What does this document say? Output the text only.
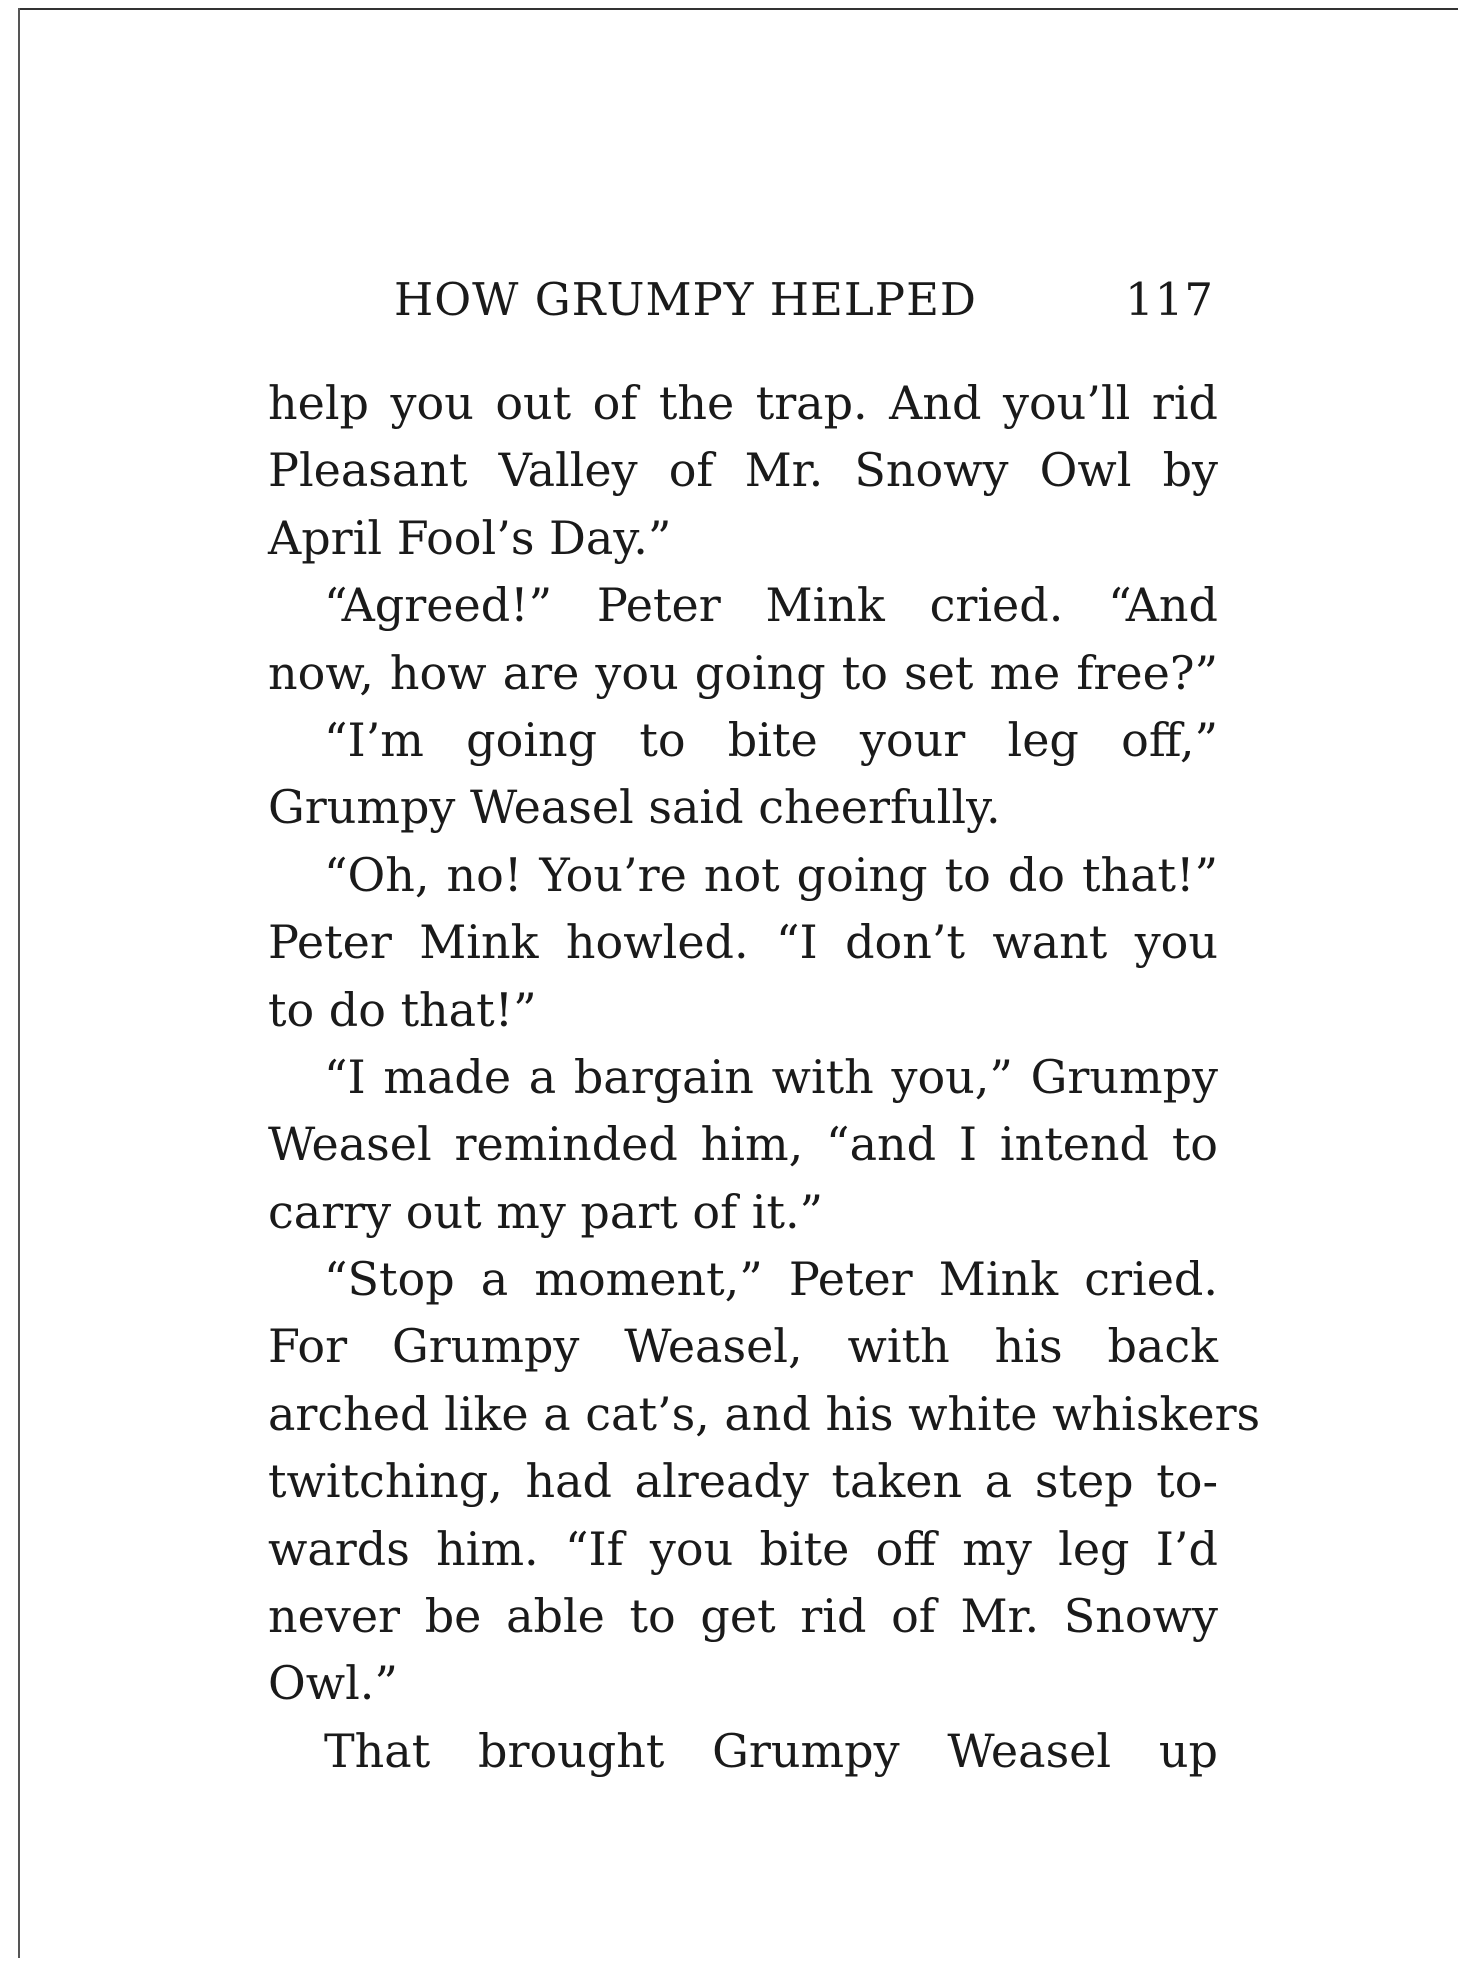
HOW GRUMPY HELPED	117
help you out of the trap. And you’ll rid
Pleasant Valley of Mr. Snowy Owl by
April Fool’s Day.”
“Agreed!” Peter Mink cried. “And
now, how are you going to set me free?”
“I’m going to bite your leg off,”
Grumpy Weasel said cheerfully.
“Oh, no! You’re not going to do that!”
Peter Mink howled. “I don’t want you
to do that!”
“I made a bargain with you,” Grumpy
Weasel reminded him, “and I intend to
carry out my part of it.”
“Stop a moment,” Peter Mink cried.
For Grumpy Weasel, with his back
arched like a cat’s, and his white whiskers
twitching, had already taken a step to-
wards him. “If you bite off my leg I’d
never be able to get rid of Mr. Snowy
Owl.”
That brought Grumpy Weasel up
